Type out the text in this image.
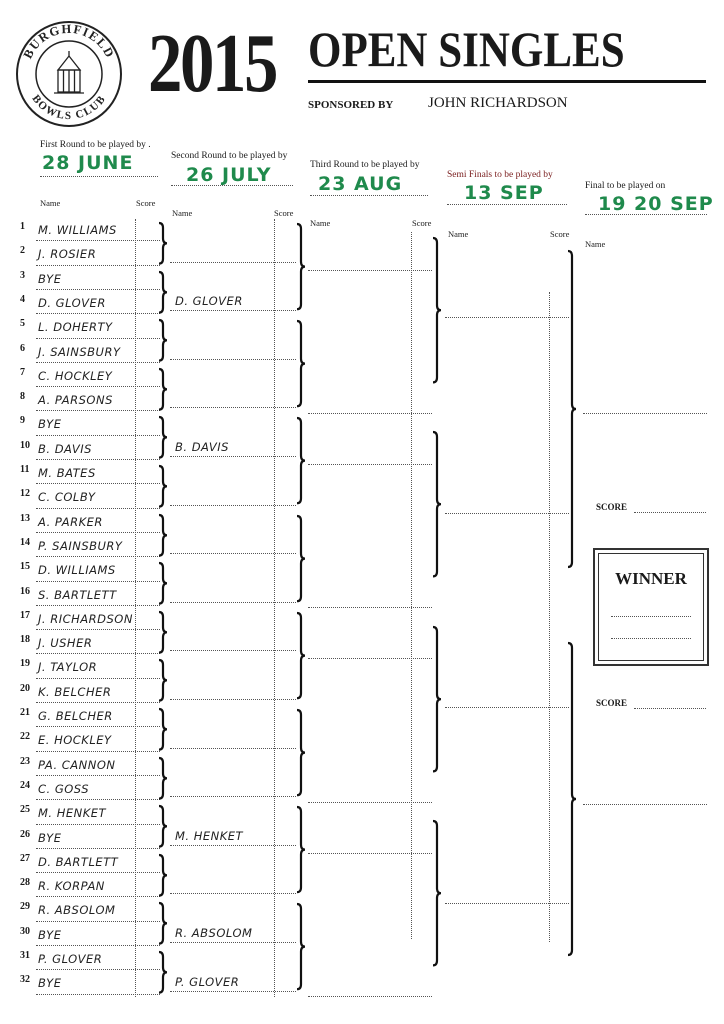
BURGHFIELD
BOWLS CLUB 2015 OPEN SINGLES
SPONSORED BY JOHN RICHARDSON
First Round to be played by .
28 JUNE	Second Round to be played by
26 JULY	Third Round to be played by
23 AUG	Semi Finals to be played by
13 SEP	Final to be played on
19 20 SEP
Name	Score
Name	Score
Name	Score
Name	Score
Name
1	M. WILLIAMS
2	J. ROSIER
3	BYE
4	D. GLOVER
5	L. DOHERTY
6	J. SAINSBURY
7	C. HOCKLEY
8	A. PARSONS
9	BYE
10 B. DAVIS
11 M. BATES
12 C. COLBY
13 A. PARKER
14 P. SAINSBURY
15 D. WILLIAMS
16 S. BARTLETT
17 J. RICHARDSON
18 J. USHER
19 J. TAYLOR
20 K. BELCHER
21 G. BELCHER
22 E. HOCKLEY
23 PA. CANNON
24 C. GOSS
25 M. HENKET
26 BYE
27 D. BARTLETT
28 R. KORPAN
29 R. ABSOLOM
30 BYE
31 P. GLOVER
32 BYE
D. GLOVER
B. DAVIS
M. HENKET
R. ABSOLOM
P. GLOVER
SCORE
WINNER
SCORE
